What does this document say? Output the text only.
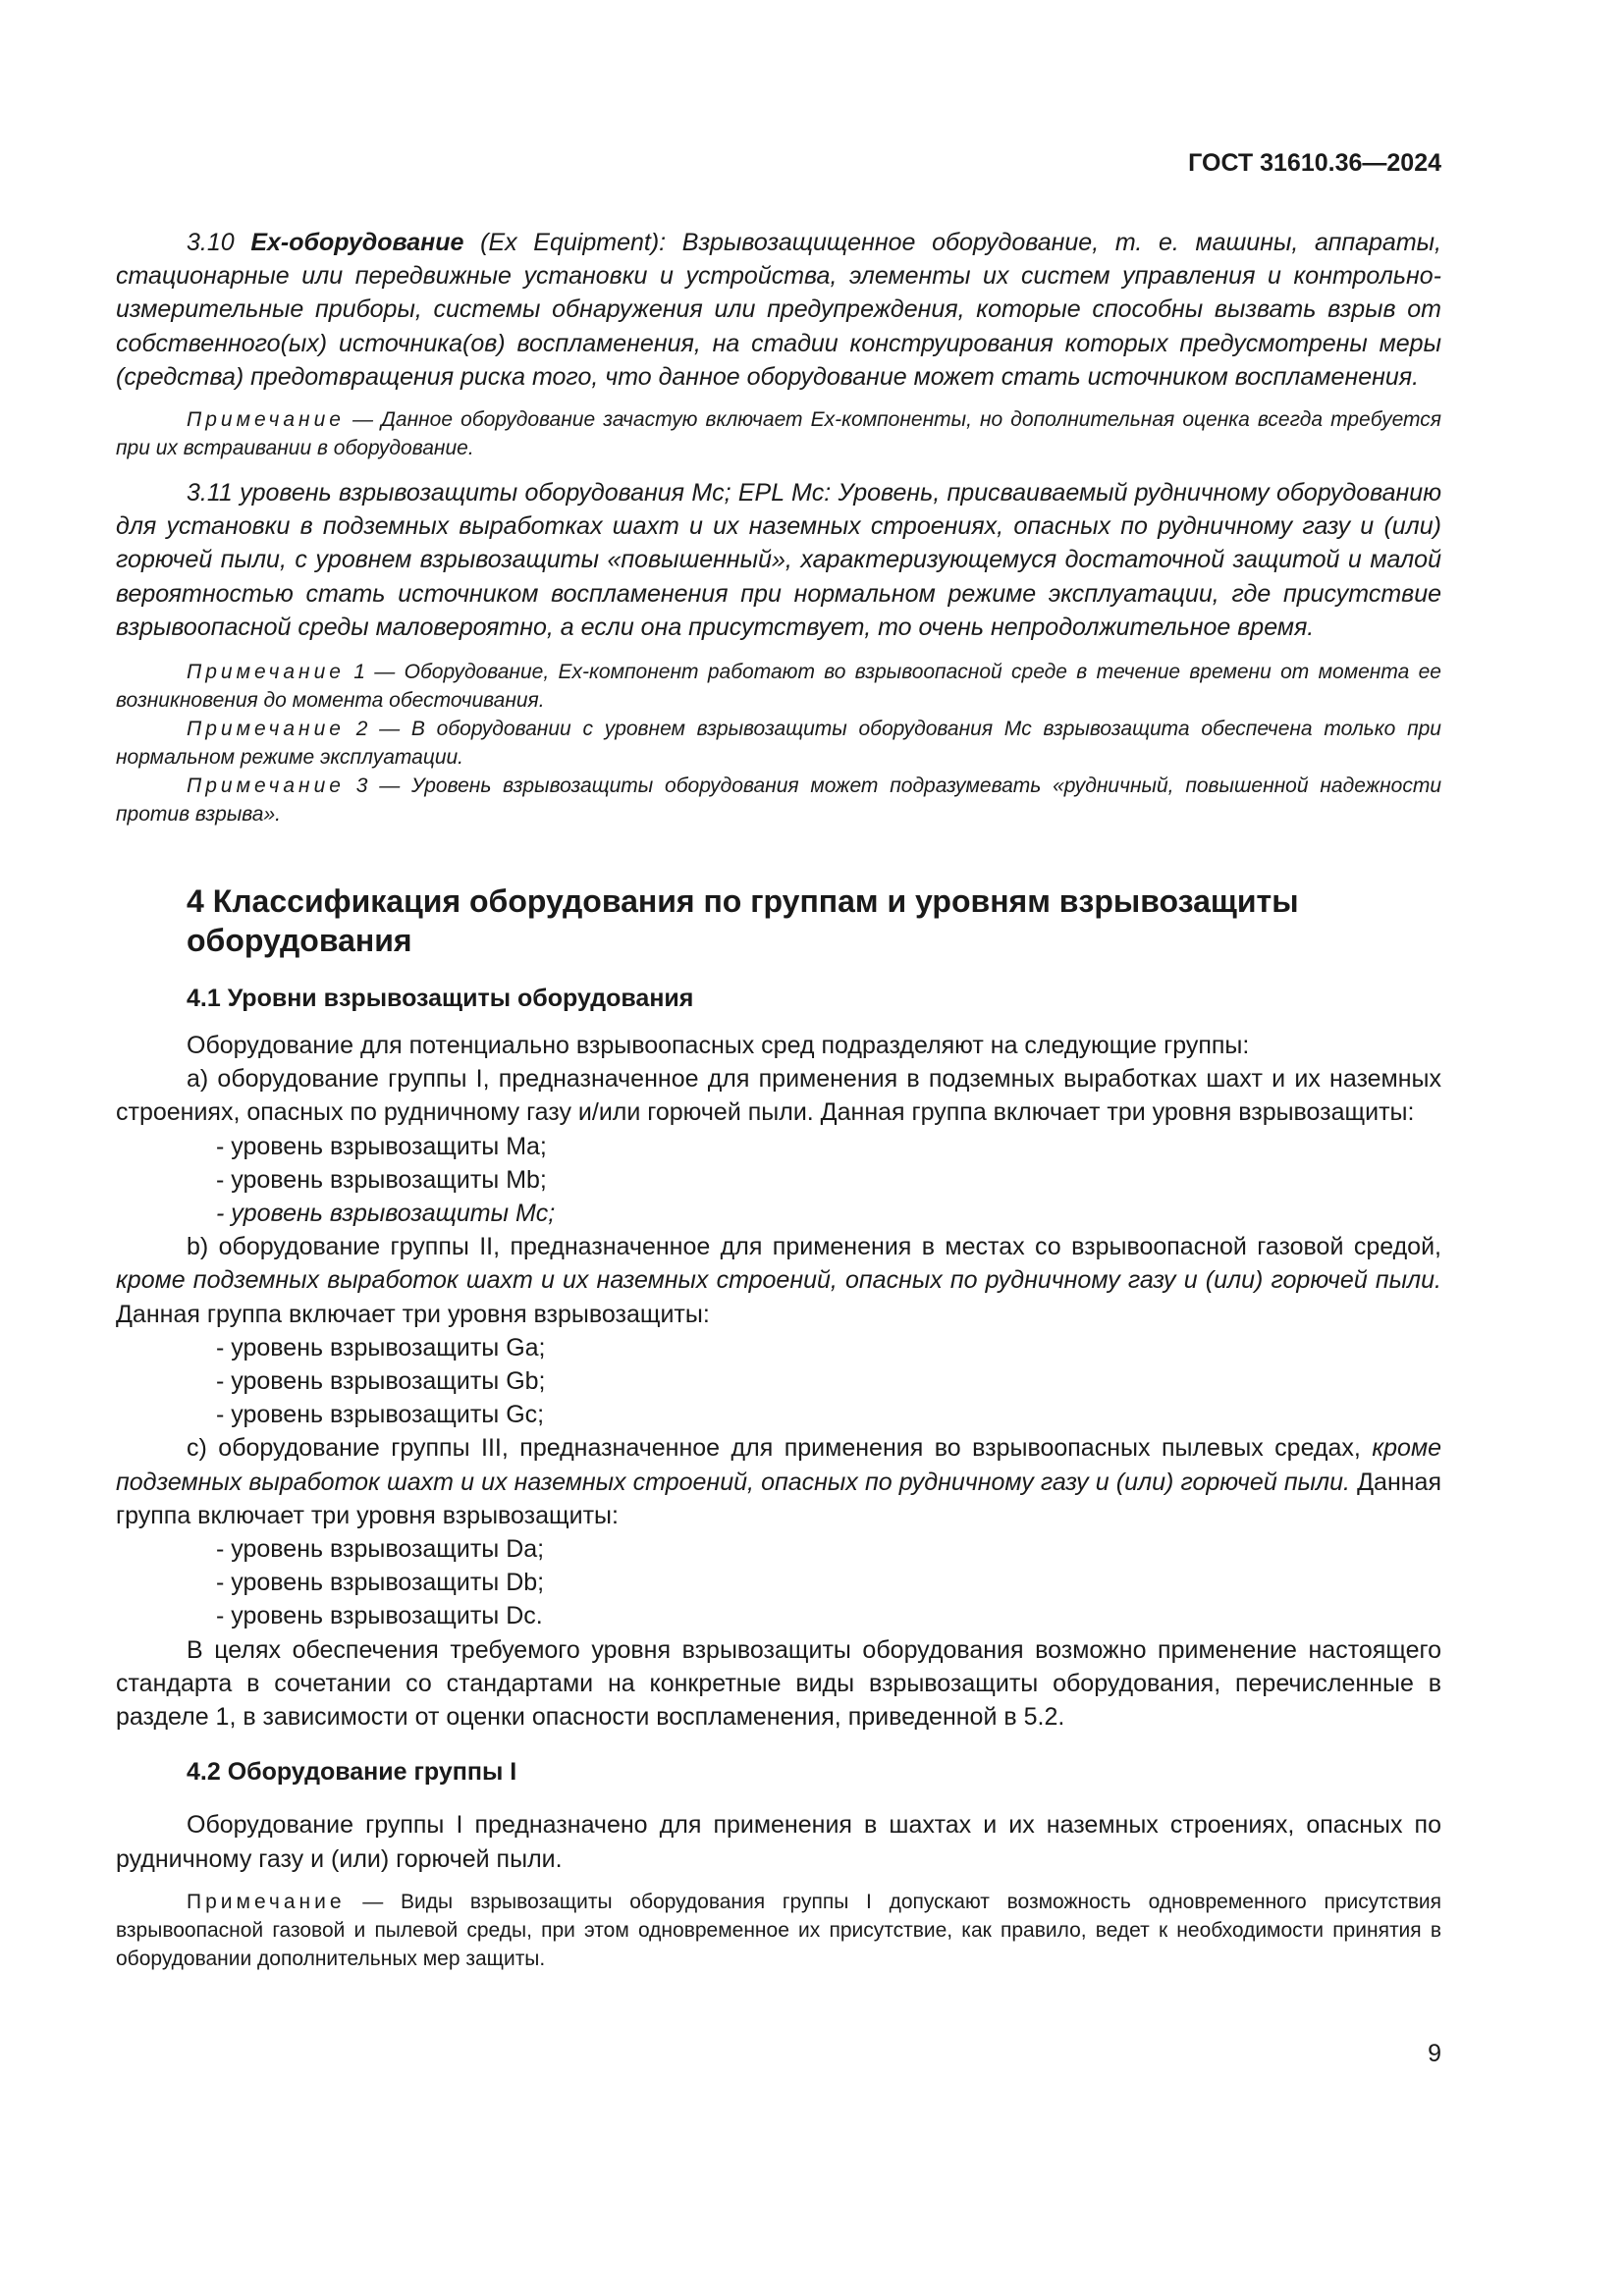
ГОСТ 31610.36—2024

3.10 Ех-оборудование (Ex Equipment): Взрывозащищенное оборудование, т. е. машины, аппараты, стационарные или передвижные установки и устройства, элементы их систем управления и контрольно-измерительные приборы, системы обнаружения или предупреждения, которые способны вызвать взрыв от собственного(ых) источника(ов) воспламенения, на стадии конструирования которых предусмотрены меры (средства) предотвращения риска того, что данное оборудование может стать источником воспламенения.

Примечание — Данное оборудование зачастую включает Ех-компоненты, но дополнительная оценка всегда требуется при их встраивании в оборудование.

3.11 уровень взрывозащиты оборудования Mc; EPL Mc: Уровень, присваиваемый рудничному оборудованию для установки в подземных выработках шахт и их наземных строениях, опасных по рудничному газу и (или) горючей пыли, с уровнем взрывозащиты «повышенный», характеризующемуся достаточной защитой и малой вероятностью стать источником воспламенения при нормальном режиме эксплуатации, где присутствие взрывоопасной среды маловероятно, а если она присутствует, то очень непродолжительное время.

Примечание 1 — Оборудование, Ех-компонент работают во взрывоопасной среде в течение времени от момента ее возникновения до момента обесточивания.

Примечание 2 — В оборудовании с уровнем взрывозащиты оборудования Mc взрывозащита обеспечена только при нормальном режиме эксплуатации.

Примечание 3 — Уровень взрывозащиты оборудования может подразумевать «рудничный, повышенной надежности против взрыва».

4 Классификация оборудования по группам и уровням взрывозащиты
оборудования
4.1 Уровни взрывозащиты оборудования

Оборудование для потенциально взрывоопасных сред подразделяют на следующие группы:

a) оборудование группы I, предназначенное для применения в подземных выработках шахт и их наземных строениях, опасных по рудничному газу и/или горючей пыли. Данная группа включает три уровня взрывозащиты:

- уровень взрывозащиты Ma;
- уровень взрывозащиты Mb;
- уровень взрывозащиты Mc;

b) оборудование группы II, предназначенное для применения в местах со взрывоопасной газовой средой, кроме подземных выработок шахт и их наземных строений, опасных по рудничному газу и (или) горючей пыли. Данная группа включает три уровня взрывозащиты:

- уровень взрывозащиты Ga;
- уровень взрывозащиты Gb;
- уровень взрывозащиты Gc;

c) оборудование группы III, предназначенное для применения во взрывоопасных пылевых средах, кроме подземных выработок шахт и их наземных строений, опасных по рудничному газу и (или) горючей пыли. Данная группа включает три уровня взрывозащиты:

- уровень взрывозащиты Da;
- уровень взрывозащиты Db;
- уровень взрывозащиты Dc.

В целях обеспечения требуемого уровня взрывозащиты оборудования возможно применение настоящего стандарта в сочетании со стандартами на конкретные виды взрывозащиты оборудования, перечисленные в разделе 1, в зависимости от оценки опасности воспламенения, приведенной в 5.2.

4.2 Оборудование группы I

Оборудование группы I предназначено для применения в шахтах и их наземных строениях, опасных по рудничному газу и (или) горючей пыли.

Примечание — Виды взрывозащиты оборудования группы I допускают возможность одновременного присутствия взрывоопасной газовой и пылевой среды, при этом одновременное их присутствие, как правило, ведет к необходимости принятия в оборудовании дополнительных мер защиты.

9
